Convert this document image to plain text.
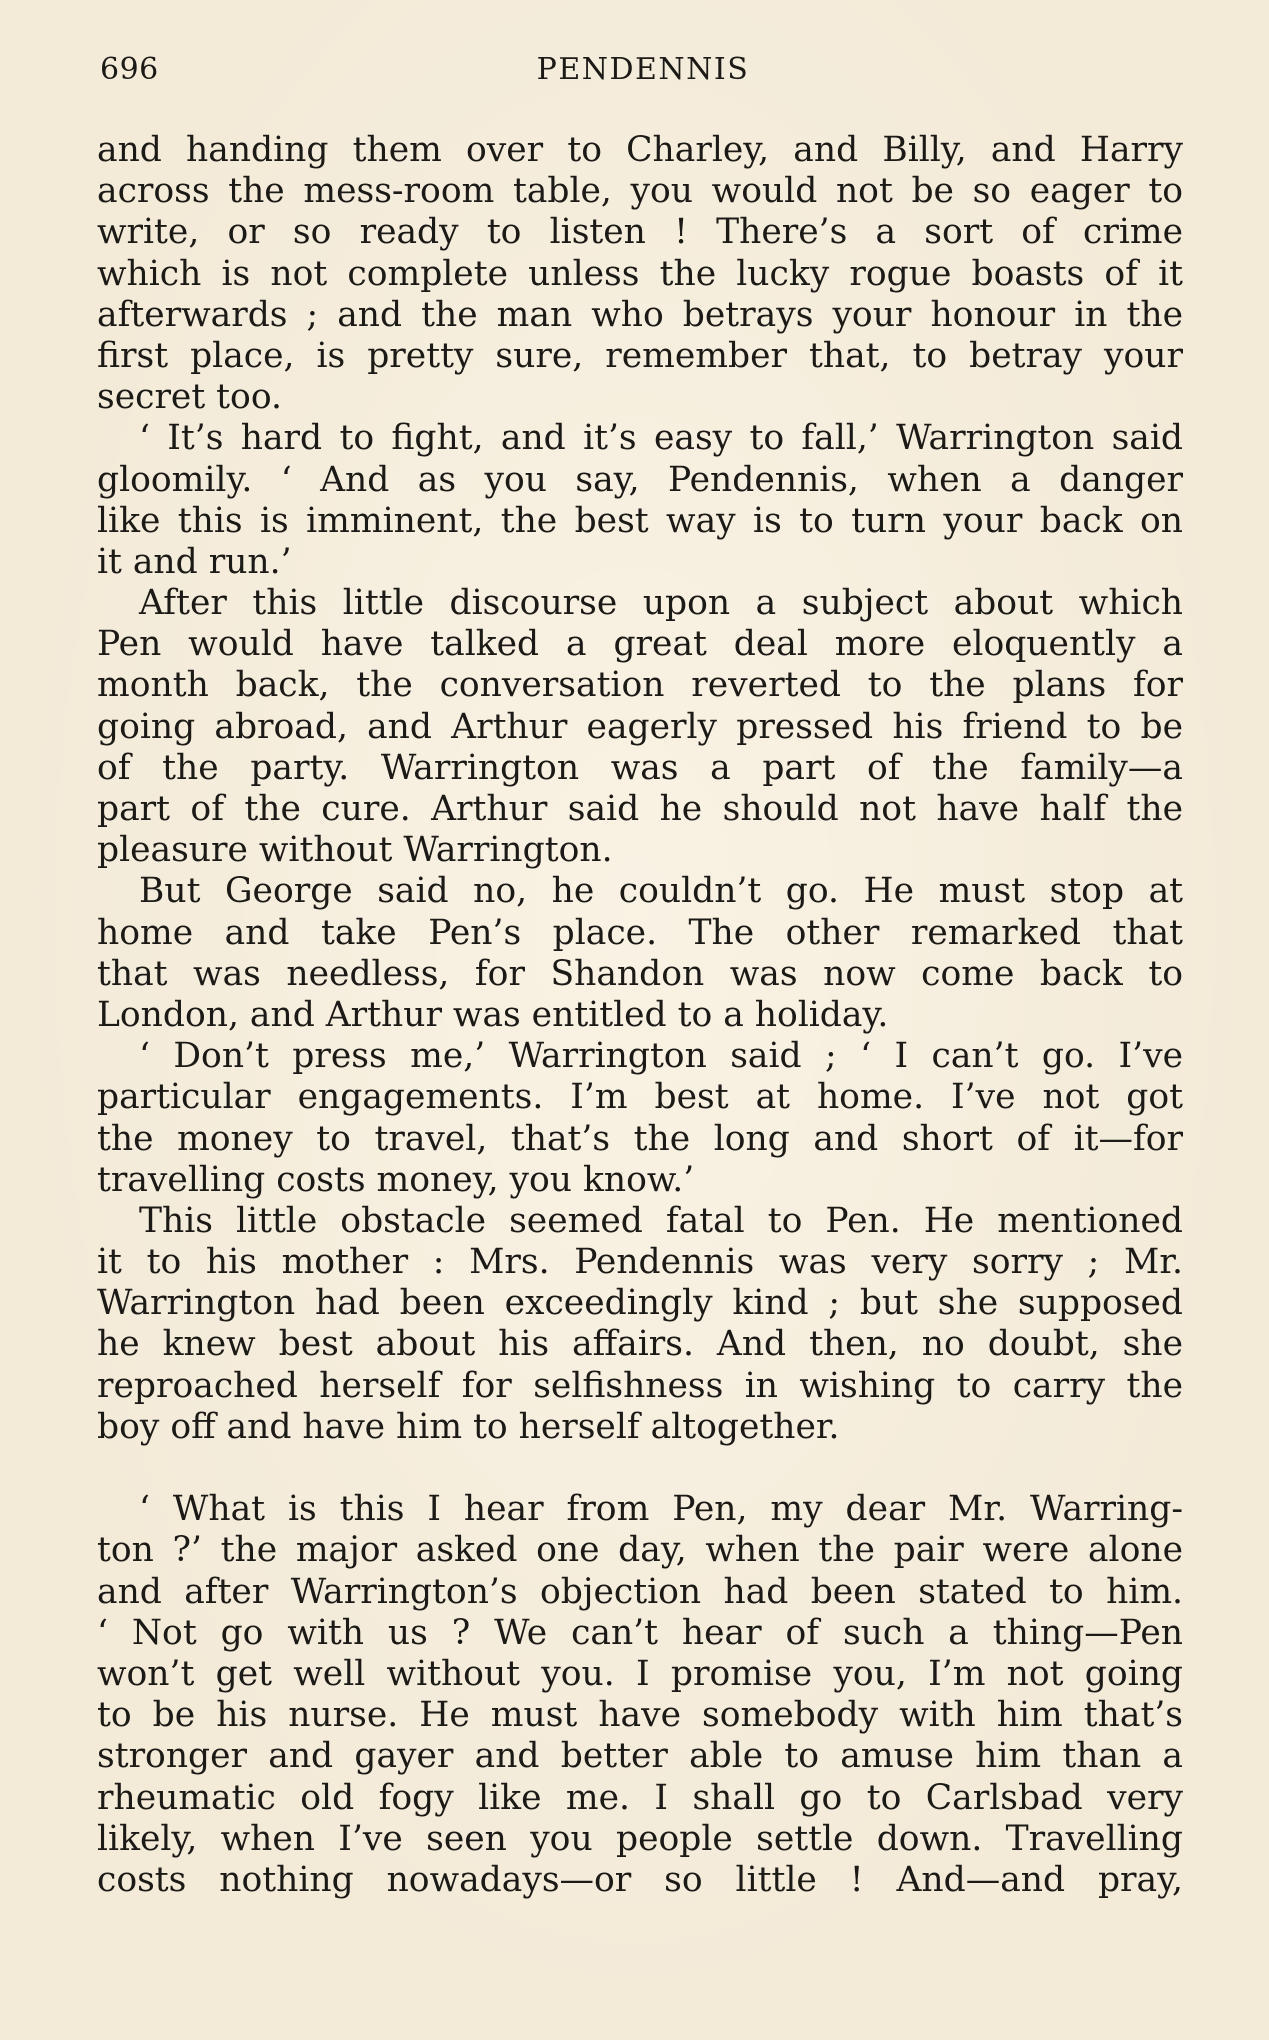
696	PENDENNIS
and handing them over to Charley, and Billy, and Harry
across the mess-room table, you would not be so eager to
write, or so ready to listen ! There’s a sort of crime
which is not complete unless the lucky rogue boasts of it
afterwards ; and the man who betrays your honour in the
first place, is pretty sure, remember that, to betray your
secret too.
‘ It’s hard to fight, and it’s easy to fall,’ Warrington said
gloomily. ‘ And as you say, Pendennis, when a danger
like this is imminent, the best way is to turn your back on
it and run.’
After this little discourse upon a subject about which
Pen would have talked a great deal more eloquently a
month back, the conversation reverted to the plans for
going abroad, and Arthur eagerly pressed his friend to be
of the party. Warrington was a part of the family—a
part of the cure. Arthur said he should not have half the
pleasure without Warrington.
But George said no, he couldn’t go. He must stop at
home and take Pen’s place. The other remarked that
that was needless, for Shandon was now come back to
London, and Arthur was entitled to a holiday.
‘ Don’t press me,’ Warrington said ; ‘ I can’t go. I’ve
particular engagements. I’m best at home. I’ve not got
the money to travel, that’s the long and short of it—for
travelling costs money, you know.’
This little obstacle seemed fatal to Pen. He mentioned
it to his mother : Mrs. Pendennis was very sorry ; Mr.
Warrington had been exceedingly kind ; but she supposed
he knew best about his affairs. And then, no doubt, she
reproached herself for selfishness in wishing to carry the
boy off and have him to herself altogether.
‘ What is this I hear from Pen, my dear Mr. Warring-
ton ?’ the major asked one day, when the pair were alone
and after Warrington’s objection had been stated to him.
‘ Not go with us ? We can’t hear of such a thing—Pen
won’t get well without you. I promise you, I’m not going
to be his nurse. He must have somebody with him that’s
stronger and gayer and better able to amuse him than a
rheumatic old fogy like me. I shall go to Carlsbad very
likely, when I’ve seen you people settle down. Travelling
costs nothing nowadays—or so little ! And—and pray,
